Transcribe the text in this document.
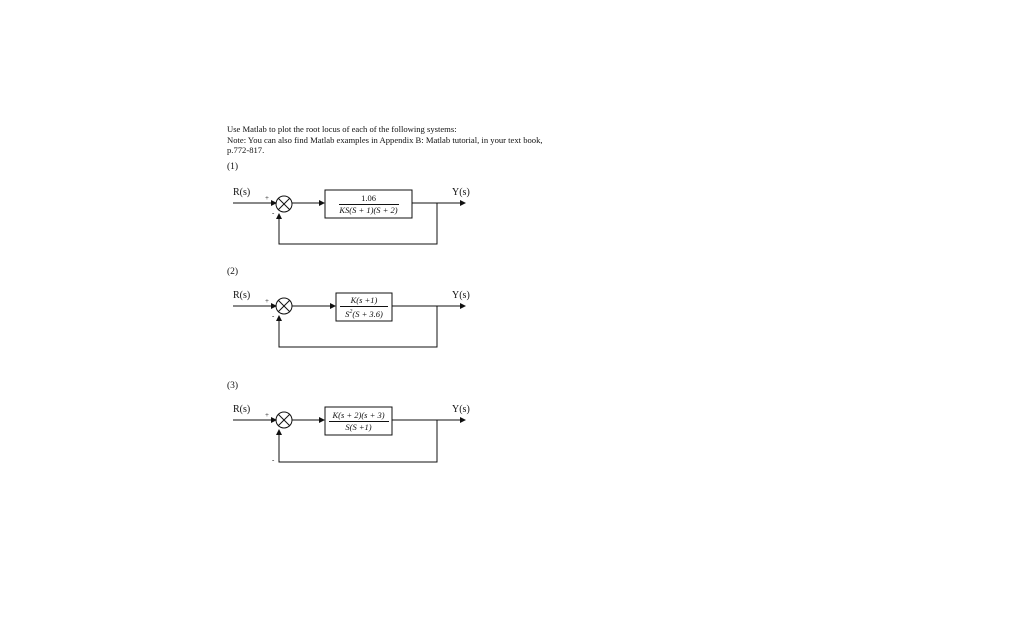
Use Matlab to plot the root locus of each of the following systems:
Note: You can also find Matlab examples in Appendix B: Matlab tutorial, in your text book,
p.772-817.
(1)
R(s)	Y(s)
+
-
1.06
KS(S + 1)(S + 2)
(2)
R(s)	Y(s)
+
-
K(s +1)
$S^2(S + 3.6)$
(3)
R(s)	Y(s)
+
-
K(s + 2)(s + 3)
S(S +1)
